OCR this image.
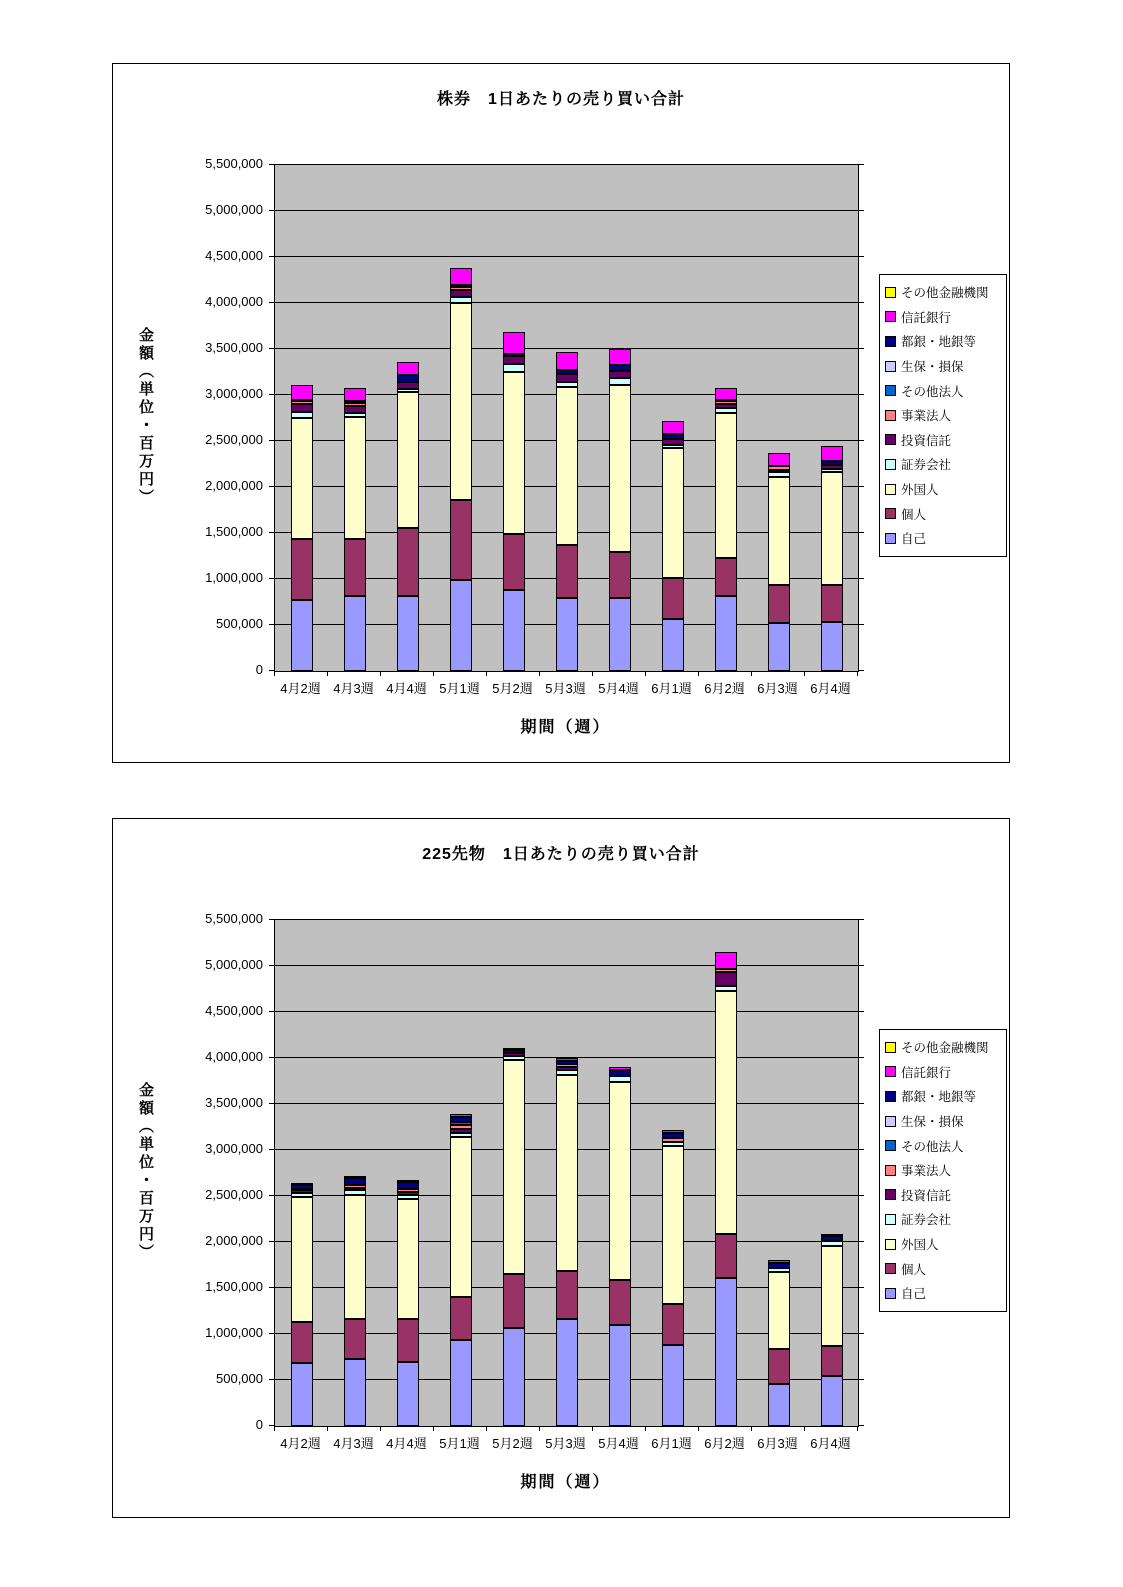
株券　1日あたりの売り買い合計
金額（単位・百万円）
期間（週）
その他金融機関
信託銀行
都銀・地銀等
生保・損保
その他法人
事業法人
投資信託
証券会社
外国人
個人
自己
5,500,000
5,000,000
4,500,000
4,000,000
3,500,000
3,000,000
2,500,000
2,000,000
1,500,000
1,000,000
500,000
0
4月2週 4月3週 4月4週 5月1週 5月2週 5月3週 5月4週 6月1週 6月2週 6月3週 6月4週
225先物　1日あたりの売り買い合計
金額（単位・百万円）
期間（週）
その他金融機関
信託銀行
都銀・地銀等
生保・損保
その他法人
事業法人
投資信託
証券会社
外国人
個人
自己
5,500,000
5,000,000
4,500,000
4,000,000
3,500,000
3,000,000
2,500,000
2,000,000
1,500,000
1,000,000
500,000
0
4月2週 4月3週 4月4週 5月1週 5月2週 5月3週 5月4週 6月1週 6月2週 6月3週 6月4週
